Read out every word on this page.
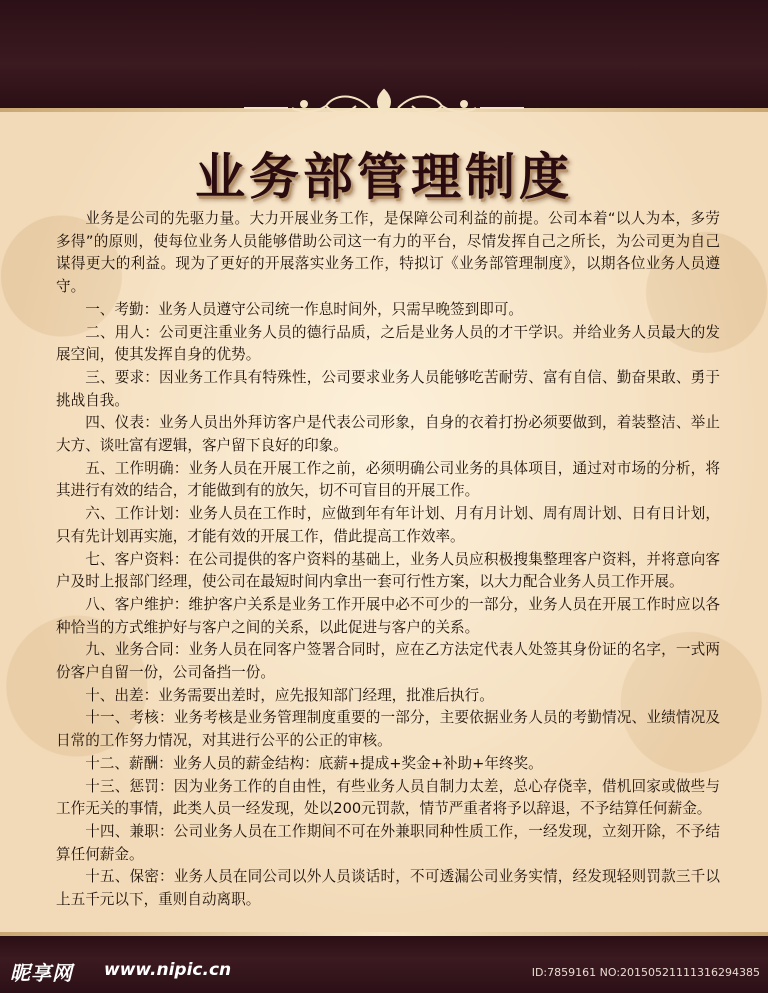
业务部管理制度

业务是公司的先驱力量。大力开展业务工作，是保障公司利益的前提。公司本着“以人为本，多劳多得”的原则，使每位业务人员能够借助公司这一有力的平台，尽情发挥自己之所长，为公司更为自己谋得更大的利益。现为了更好的开展落实业务工作，特拟订《业务部管理制度》，以期各位业务人员遵守。

一、考勤：业务人员遵守公司统一作息时间外，只需早晚签到即可。

二、用人：公司更注重业务人员的德行品质，之后是业务人员的才干学识。并给业务人员最大的发展空间，使其发挥自身的优势。

三、要求：因业务工作具有特殊性，公司要求业务人员能够吃苦耐劳、富有自信、勤奋果敢、勇于挑战自我。

四、仪表：业务人员出外拜访客户是代表公司形象，自身的衣着打扮必须要做到，着装整洁、举止大方、谈吐富有逻辑，客户留下良好的印象。

五、工作明确：业务人员在开展工作之前，必须明确公司业务的具体项目，通过对市场的分析，将其进行有效的结合，才能做到有的放矢，切不可盲目的开展工作。

六、工作计划：业务人员在工作时，应做到年有年计划、月有月计划、周有周计划、日有日计划，只有先计划再实施，才能有效的开展工作，借此提高工作效率。

七、客户资料：在公司提供的客户资料的基础上，业务人员应积极搜集整理客户资料，并将意向客户及时上报部门经理，使公司在最短时间内拿出一套可行性方案，以大力配合业务人员工作开展。

八、客户维护：维护客户关系是业务工作开展中必不可少的一部分，业务人员在开展工作时应以各种恰当的方式维护好与客户之间的关系，以此促进与客户的关系。

九、业务合同：业务人员在同客户签署合同时，应在乙方法定代表人处签其身份证的名字，一式两份客户自留一份，公司备挡一份。

十、出差：业务需要出差时，应先报知部门经理，批准后执行。

十一、考核：业务考核是业务管理制度重要的一部分，主要依据业务人员的考勤情况、业绩情况及日常的工作努力情况，对其进行公平的公正的审核。

十二、薪酬：业务人员的薪金结构：底薪+提成+奖金+补助+年终奖。

十三、惩罚：因为业务工作的自由性，有些业务人员自制力太差，总心存侥幸，借机回家或做些与工作无关的事情，此类人员一经发现，处以200元罚款，情节严重者将予以辞退，不予结算任何薪金。

十四、兼职：公司业务人员在工作期间不可在外兼职同种性质工作，一经发现，立刻开除，不予结算任何薪金。

十五、保密：业务人员在同公司以外人员谈话时，不可透漏公司业务实情，经发现轻则罚款三千以上五千元以下，重则自动离职。

昵享网 www.nipic.cn	ID:7859161 NO:20150521111316294385
